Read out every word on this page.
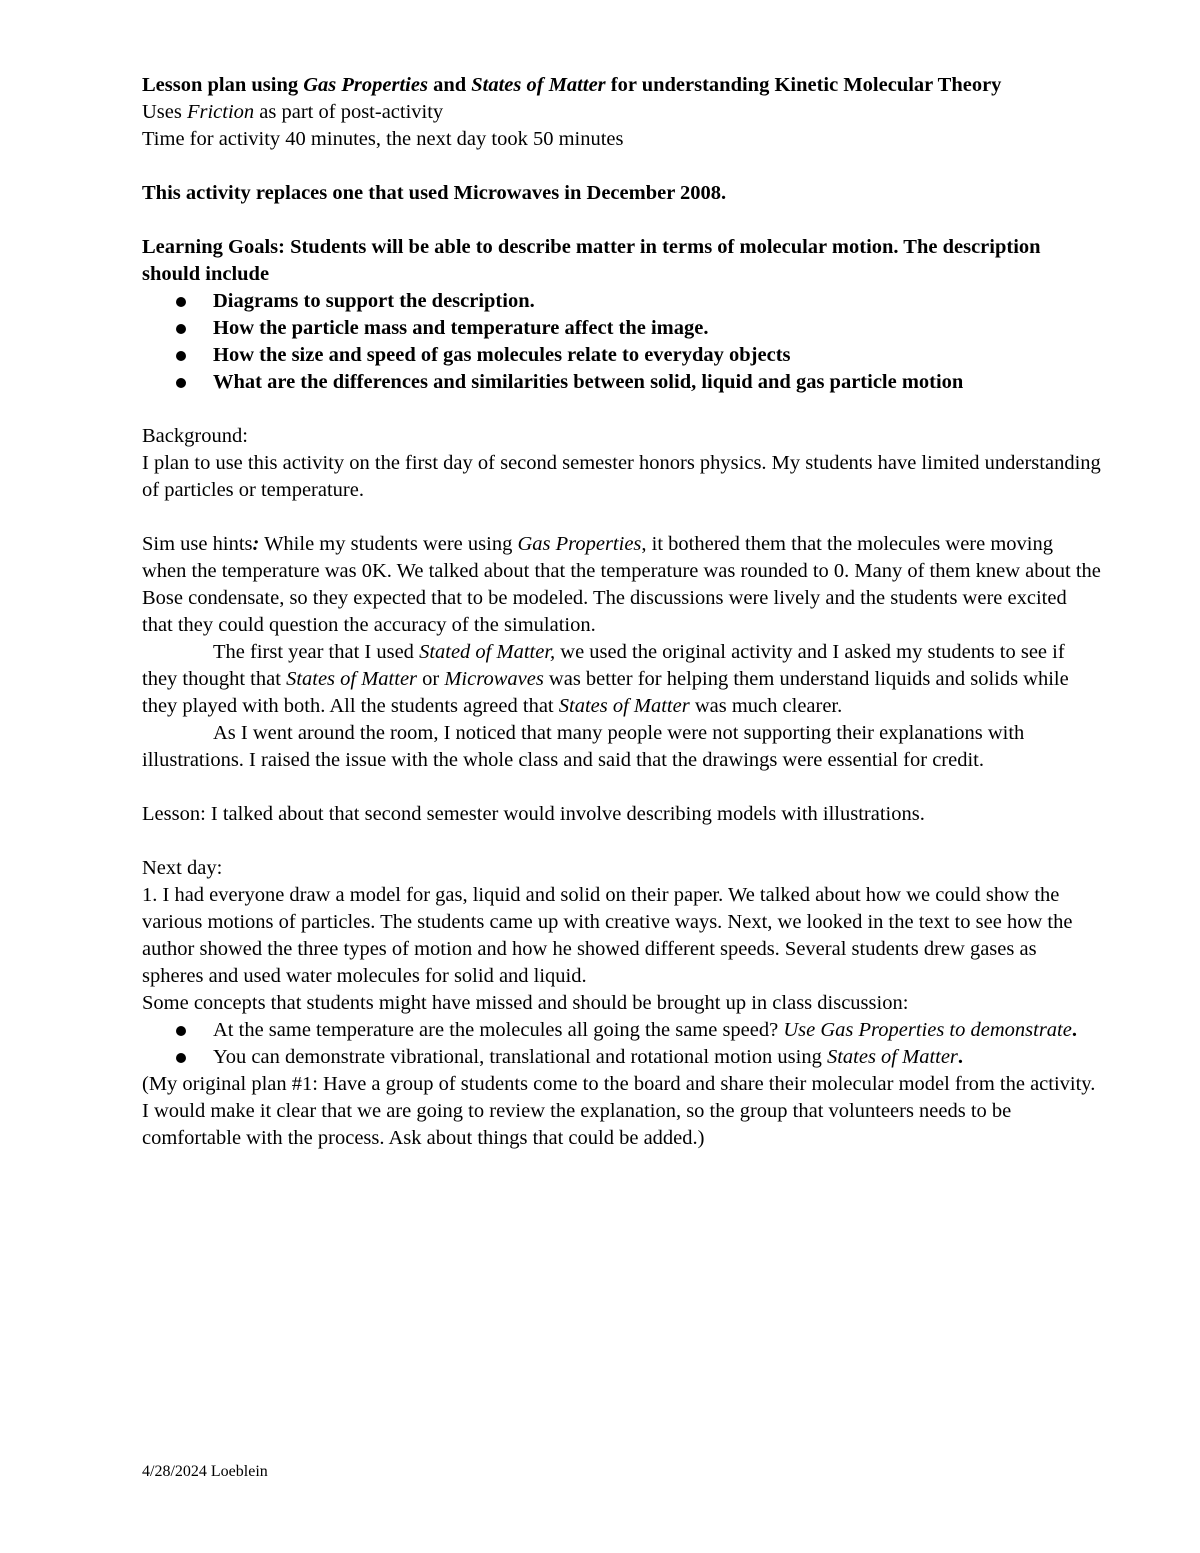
Lesson plan using Gas Properties and States of Matter for understanding Kinetic Molecular Theory

Uses Friction as part of post-activity

Time for activity 40 minutes, the next day took 50 minutes

This activity replaces one that used Microwaves in December 2008.

Learning Goals: Students will be able to describe matter in terms of molecular motion. The description should include

Diagrams to support the description.
How the particle mass and temperature affect the image.
How the size and speed of gas molecules relate to everyday objects
What are the differences and similarities between solid, liquid and gas particle motion

Background:

I plan to use this activity on the first day of second semester honors physics. My students have limited understanding of particles or temperature.

Sim use hints: While my students were using Gas Properties, it bothered them that the molecules were moving when the temperature was 0K. We talked about that the temperature was rounded to 0. Many of them knew about the Bose condensate, so they expected that to be modeled. The discussions were lively and the students were excited that they could question the accuracy of the simulation.

The first year that I used Stated of Matter, we used the original activity and I asked my students to see if they thought that States of Matter or Microwaves was better for helping them understand liquids and solids while they played with both. All the students agreed that States of Matter was much clearer.

As I went around the room, I noticed that many people were not supporting their explanations with illustrations. I raised the issue with the whole class and said that the drawings were essential for credit.

Lesson: I talked about that second semester would involve describing models with illustrations.

Next day:

1. I had everyone draw a model for gas, liquid and solid on their paper. We talked about how we could show the various motions of particles. The students came up with creative ways. Next, we looked in the text to see how the author showed the three types of motion and how he showed different speeds. Several students drew gases as spheres and used water molecules for solid and liquid.

Some concepts that students might have missed and should be brought up in class discussion:

At the same temperature are the molecules all going the same speed? Use Gas Properties to demonstrate.
You can demonstrate vibrational, translational and rotational motion using States of Matter.

(My original plan #1: Have a group of students come to the board and share their molecular model from the activity. I would make it clear that we are going to review the explanation, so the group that volunteers needs to be comfortable with the process. Ask about things that could be added.)

4/28/2024 Loeblein
